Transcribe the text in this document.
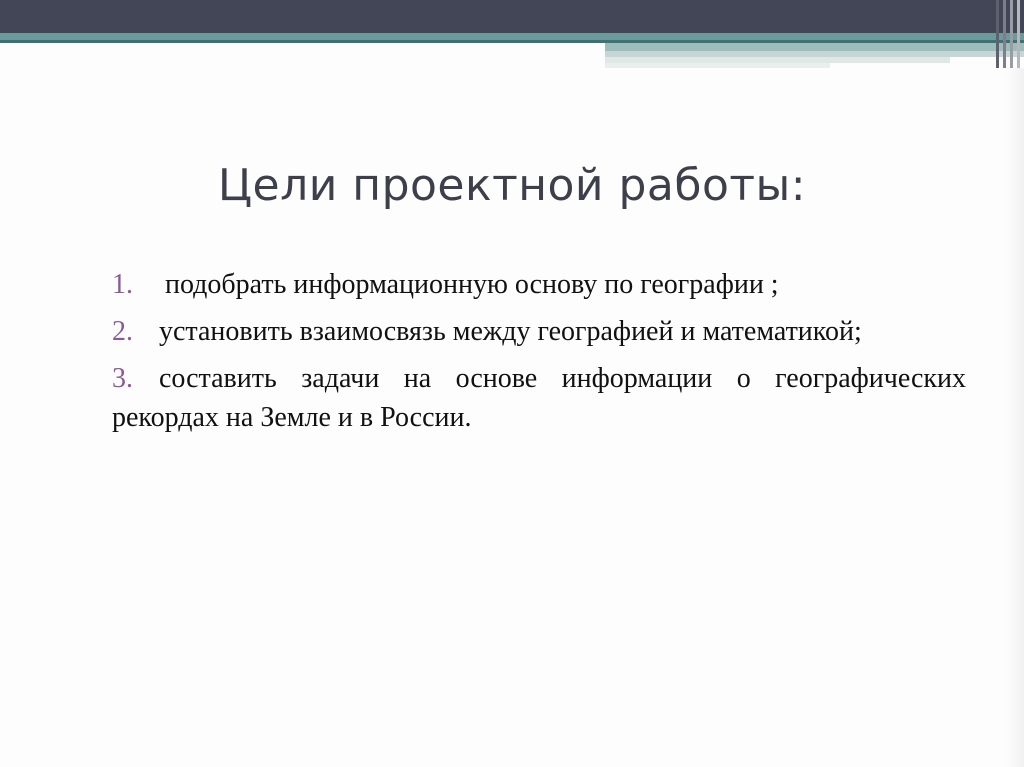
Цели проектной работы:
1. подобрать информационную основу по географии ;
2. установить взаимосвязь между географией и математикой;
3. составить задачи на основе информации о географических рекордах на Земле и в России.
